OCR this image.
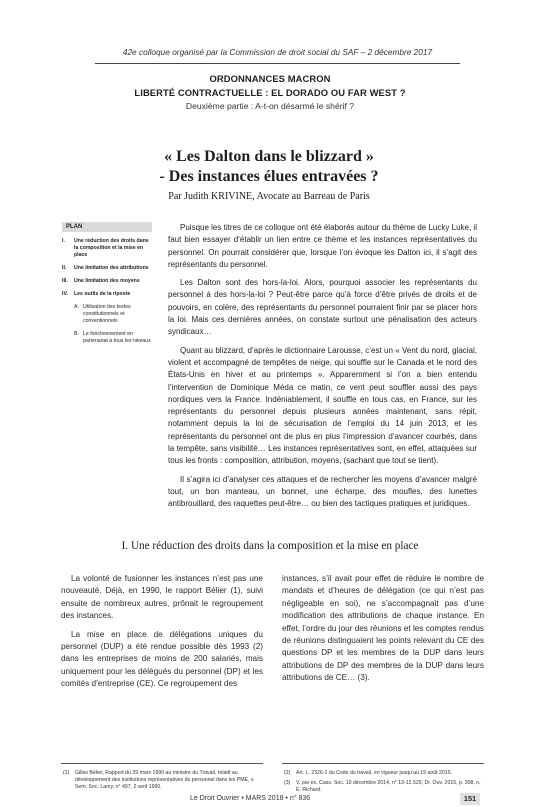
42e colloque organisé par la Commission de droit social du SAF – 2 décembre 2017
ORDONNANCES MACRON
LIBERTÉ CONTRACTUELLE : EL DORADO OU FAR WEST ?
Deuxième partie : A-t-on désarmé le shérif ?
« Les Dalton dans le blizzard »
- Des instances élues entravées ?
Par Judith KRIVINE, Avocate au Barreau de Paris
PLAN
I.	Une réduction des droits dans la composition et la mise en place
II.	Une limitation des attributions
III.	Une limitation des moyens
IV.	Les outils de la riposte
A. Utilisation des textes constitutionnels et conventionnels
B. Le fonctionnement en partenariat à tous les niveaux

Puisque les titres de ce colloque ont été élaborés autour du thème de Lucky Luke, il faut bien essayer d’établir un lien entre ce thème et les instances représentatives du personnel. On pourrait considérer que, lorsque l’on évoque les Dalton ici, il s’agit des représentants du personnel.

Les Dalton sont des hors-la-loi. Alors, pourquoi associer les représentants du personnel à des hors-la-loi ? Peut-être parce qu’à force d’être privés de droits et de pouvoirs, en colère, des représentants du personnel pourraient finir par se placer hors la loi. Mais ces dernières années, on constate surtout une pénalisation des acteurs syndicaux…

Quant au blizzard, d’après le dictionnaire Larousse, c’est un « Vent du nord, glacial, violent et accompagné de tempêtes de neige, qui souffle sur le Canada et le nord des États-Unis en hiver et au printemps ». Apparemment si l’on a bien entendu l’intervention de Dominique Méda ce matin, ce vent peut souffler aussi des pays nordiques vers la France. Indéniablement, il souffle en tous cas, en France, sur les représentants du personnel depuis plusieurs années maintenant, sans répit, notamment depuis la loi de sécurisation de l’emploi du 14 juin 2013, et les représentants du personnel ont de plus en plus l’impression d’avancer courbés, dans la tempête, sans visibilité… Les instances représentatives sont, en effet, attaquées sur tous les fronts : composition, attribution, moyens, (sachant que tout se tient).

Il s’agira ici d’analyser ces attaques et de rechercher les moyens d’avancer malgré tout, un bon manteau, un bonnet, une écharpe, des moufles, des lunettes antibrouillard, des raquettes peut-être… ou bien des tactiques pratiques et juridiques.

I. Une réduction des droits dans la composition et la mise en place

La volonté de fusionner les instances n’est pas une nouveauté. Déjà, en 1990, le rapport Bélier (1), suivi ensuite de nombreux autres, prônait le regroupement des instances.

La mise en place de délégations uniques du personnel (DUP) a été rendue possible dès 1993 (2) dans les entreprises de moins de 200 salariés, mais uniquement pour les délégués du personnel (DP) et les comités d’entreprise (CE). Ce regroupement des

instances, s’il avait pour effet de réduire le nombre de mandats et d’heures de délégation (ce qui n’est pas négligeable en soi), ne s’accompagnait pas d’une modification des attributions de chaque instance. En effet, l’ordre du jour des réunions et les comptes rendus de réunions distinguaient les points relevant du CE des questions DP et les membres de la DUP dans leurs attributions de DP des membres de la DUP dans leurs attributions de CE… (3).

(1)	Gilles Bélier, Rapport du 29 mars 1990 au ministre du Travail, relatif au développement des institutions représentatives du personnel dans les PME, v. Sem. Soc. Lamy, n° 497, 2 avril 1990.
(2)	Art. L. 2326-1 du Code du travail, en vigueur jusqu’au 19 août 2015.
(3)	V. par ex. Cass. Soc. 10 décembre 2014, n° 13-12.529, Dr. Ouv. 2015, p. 308, n. E. Richard.
Le Droit Ouvrier • MARS 2018 • n° 836	151
